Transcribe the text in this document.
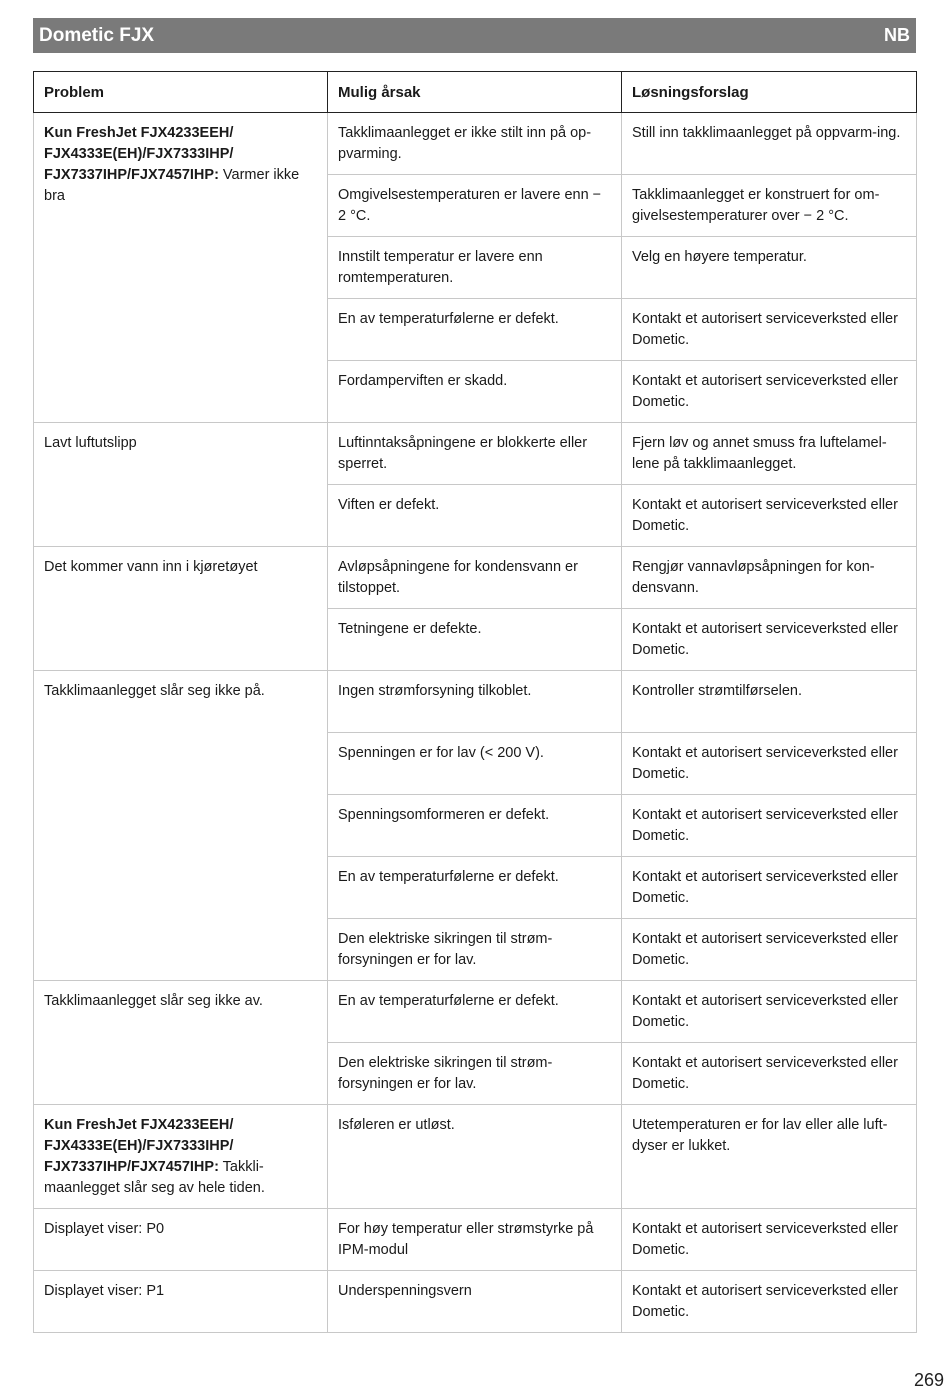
Dometic FJX	NB
Problem	Mulig årsak	Løsningsforslag
Kun FreshJet FJX4233EEH/ FJX4333E(EH)/FJX7333IHP/ FJX7337IHP/FJX7457IHP: Varmer ikke bra	Takklimaanlegget er ikke stilt inn på op-pvarming.	Still inn takklimaanlegget på oppvarm-ing.
	Omgivelsestemperaturen er lavere enn − 2 °C.	Takklimaanlegget er konstruert for om-givelsestemperaturer over − 2 °C.
	Innstilt temperatur er lavere enn romtemperaturen.	Velg en høyere temperatur.
	En av temperaturfølerne er defekt.	Kontakt et autorisert serviceverksted eller Dometic.
	Fordamperviften er skadd.	Kontakt et autorisert serviceverksted eller Dometic.
Lavt luftutslipp	Luftinntaksåpningene er blokkerte eller sperret.	Fjern løv og annet smuss fra luftelamel-lene på takklimaanlegget.
	Viften er defekt.	Kontakt et autorisert serviceverksted eller Dometic.
Det kommer vann inn i kjøretøyet	Avløpsåpningene for kondensvann er tilstoppet.	Rengjør vannavløpsåpningen for kon-densvann.
	Tetningene er defekte.	Kontakt et autorisert serviceverksted eller Dometic.
Takklimaanlegget slår seg ikke på.	Ingen strømforsyning tilkoblet.	Kontroller strømtilførselen.
	Spenningen er for lav (< 200 V).	Kontakt et autorisert serviceverksted eller Dometic.
	Spenningsomformeren er defekt.	Kontakt et autorisert serviceverksted eller Dometic.
	En av temperaturfølerne er defekt.	Kontakt et autorisert serviceverksted eller Dometic.
	Den elektriske sikringen til strøm-forsyningen er for lav.	Kontakt et autorisert serviceverksted eller Dometic.
Takklimaanlegget slår seg ikke av.	En av temperaturfølerne er defekt.	Kontakt et autorisert serviceverksted eller Dometic.
	Den elektriske sikringen til strøm-forsyningen er for lav.	Kontakt et autorisert serviceverksted eller Dometic.
Kun FreshJet FJX4233EEH/ FJX4333E(EH)/FJX7333IHP/ FJX7337IHP/FJX7457IHP: Takkli-maanlegget slår seg av hele tiden.	Isføleren er utløst.	Utetemperaturen er for lav eller alle luft-dyser er lukket.
Displayet viser: P0	For høy temperatur eller strømstyrke på IPM-modul	Kontakt et autorisert serviceverksted eller Dometic.
Displayet viser: P1	Underspenningsvern	Kontakt et autorisert serviceverksted eller Dometic.
269
